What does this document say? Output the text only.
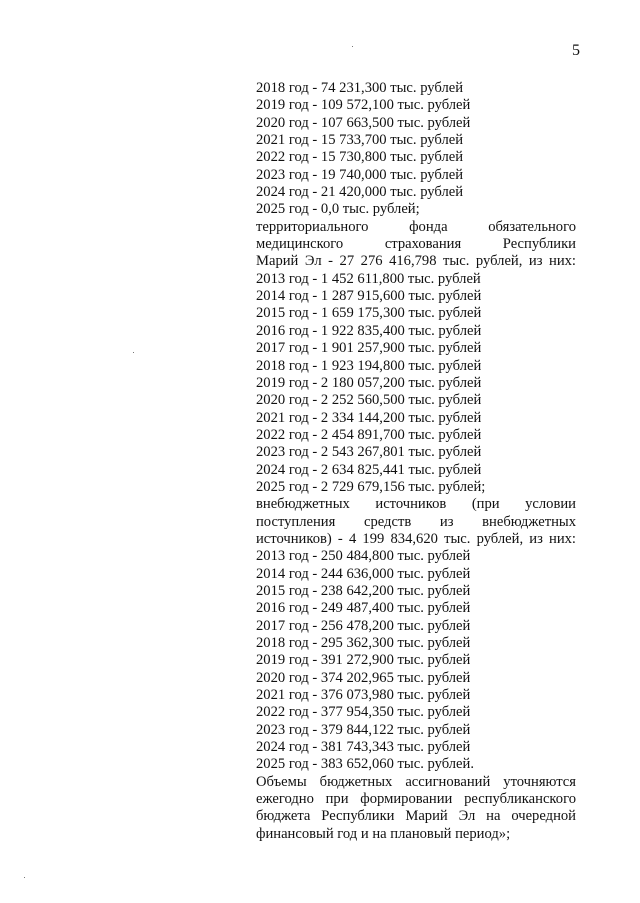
5
2018 год - 74 231,300 тыс. рублей
2019 год - 109 572,100 тыс. рублей
2020 год - 107 663,500 тыс. рублей
2021 год - 15 733,700 тыс. рублей
2022 год - 15 730,800 тыс. рублей
2023 год - 19 740,000 тыс. рублей
2024 год - 21 420,000 тыс. рублей
2025 год - 0,0 тыс. рублей;
территориального фонда обязательного
медицинского страхования Республики
Марий Эл - 27 276 416,798 тыс. рублей, из них:
2013 год - 1 452 611,800 тыс. рублей
2014 год - 1 287 915,600 тыс. рублей
2015 год - 1 659 175,300 тыс. рублей
2016 год - 1 922 835,400 тыс. рублей
2017 год - 1 901 257,900 тыс. рублей
2018 год - 1 923 194,800 тыс. рублей
2019 год - 2 180 057,200 тыс. рублей
2020 год - 2 252 560,500 тыс. рублей
2021 год - 2 334 144,200 тыс. рублей
2022 год - 2 454 891,700 тыс. рублей
2023 год - 2 543 267,801 тыс. рублей
2024 год - 2 634 825,441 тыс. рублей
2025 год - 2 729 679,156 тыс. рублей;
внебюджетных источников (при условии
поступления средств из внебюджетных
источников) - 4 199 834,620 тыс. рублей, из них:
2013 год - 250 484,800 тыс. рублей
2014 год - 244 636,000 тыс. рублей
2015 год - 238 642,200 тыс. рублей
2016 год - 249 487,400 тыс. рублей
2017 год - 256 478,200 тыс. рублей
2018 год - 295 362,300 тыс. рублей
2019 год - 391 272,900 тыс. рублей
2020 год - 374 202,965 тыс. рублей
2021 год - 376 073,980 тыс. рублей
2022 год - 377 954,350 тыс. рублей
2023 год - 379 844,122 тыс. рублей
2024 год - 381 743,343 тыс. рублей
2025 год - 383 652,060 тыс. рублей.
Объемы бюджетных ассигнований уточняются
ежегодно при формировании республиканского
бюджета Республики Марий Эл на очередной
финансовый год и на плановый период»;
